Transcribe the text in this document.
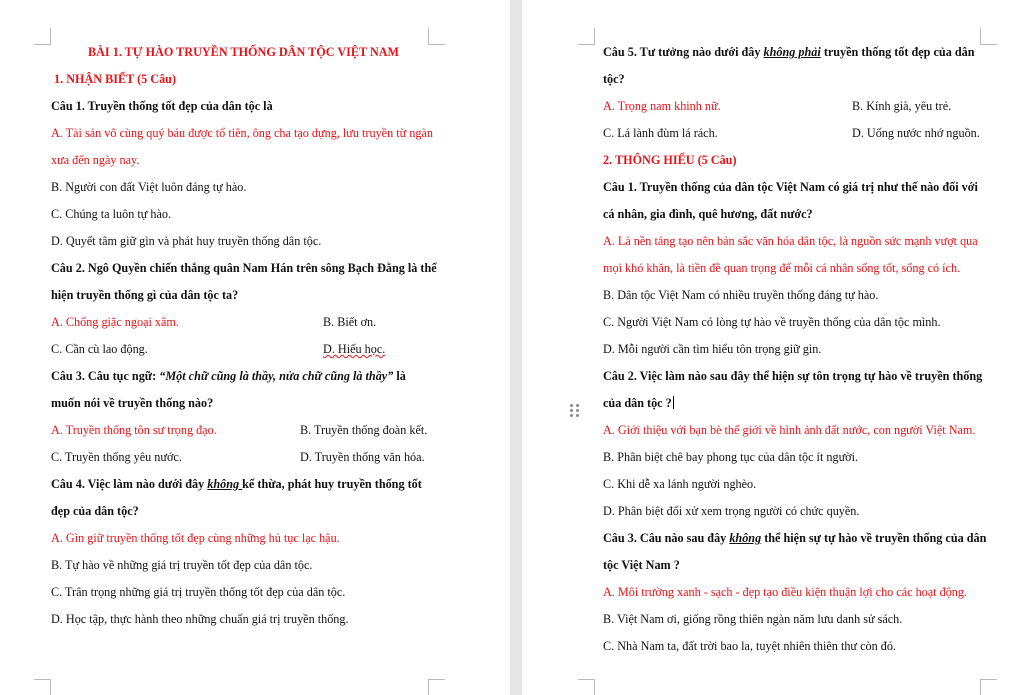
BÀI 1. TỰ HÀO TRUYỀN THỐNG DÂN TỘC VIỆT NAM
1. NHẬN BIẾT (5 Câu)
Câu 1. Truyền thống tốt đẹp của dân tộc là
A. Tài sản vô cùng quý báu được tổ tiên, ông cha tạo dựng, lưu truyền từ ngàn
xưa đến ngày nay.
B. Người con đất Việt luôn đáng tự hào.
C. Chúng ta luôn tự hào.
D. Quyết tâm giữ gìn và phát huy truyền thống dân tộc.
Câu 2. Ngô Quyền chiến thắng quân Nam Hán trên sông Bạch Đằng là thể
hiện truyền thống gì của dân tộc ta?
A. Chống giặc ngoại xâm.	B. Biết ơn.
C. Cần cù lao động.	D. Hiếu học.
Câu 3. Câu tục ngữ: “Một chữ cũng là thầy, nửa chữ cũng là thầy” là
muốn nói về truyền thống nào?
A. Truyền thống tôn sư trọng đạo.	B. Truyền thống đoàn kết.
C. Truyền thống yêu nước.	D. Truyền thống văn hóa.
Câu 4. Việc làm nào dưới đây không kế thừa, phát huy truyền thống tốt
đẹp của dân tộc?
A. Gìn giữ truyền thống tốt đẹp cùng những hủ tục lạc hậu.
B. Tự hào về những giá trị truyền tốt đẹp của dân tộc.
C. Trân trọng những giá trị truyền thống tốt đẹp của dân tộc.
D. Học tập, thực hành theo những chuẩn giá trị truyền thống.
Câu 5. Tư tưởng nào dưới đây không phải truyền thống tốt đẹp của dân
tộc?
A. Trọng nam khinh nữ.	B. Kính già, yêu trẻ.
C. Lá lành đùm lá rách.	D. Uống nước nhớ nguồn.
2. THÔNG HIỂU (5 Câu)
Câu 1. Truyền thống của dân tộc Việt Nam có giá trị như thế nào đối với
cá nhân, gia đình, quê hương, đất nước?
A. Là nền tảng tạo nên bản sắc văn hóa dân tộc, là nguồn sức mạnh vượt qua
mọi khó khăn, là tiền đề quan trọng để mỗi cá nhân sống tốt, sống có ích.
B. Dân tộc Việt Nam có nhiều truyền thống đáng tự hào.
C. Người Việt Nam có lòng tự hào về truyền thống của dân tộc mình.
D. Mỗi người cần tìm hiểu tôn trọng giữ gìn.
Câu 2. Việc làm nào sau đây thể hiện sự tôn trọng tự hào về truyền thống
của dân tộc ?
A. Giới thiệu với bạn bè thế giới về hình ảnh đất nước, con người Việt Nam.
B. Phân biệt chê bay phong tục của dân tộc ít người.
C. Khi dễ xa lánh người nghèo.
D. Phân biệt đối xử xem trọng người có chức quyền.
Câu 3. Câu nào sau đây không thể hiện sự tự hào về truyền thống của dân
tộc Việt Nam ?
A. Môi trường xanh - sạch - đẹp tạo điều kiện thuận lợi cho các hoạt động.
B. Việt Nam ơi, giống rồng thiên ngàn năm lưu danh sử sách.
C. Nhà Nam ta, đất trời bao la, tuyệt nhiên thiên thư còn đó.
